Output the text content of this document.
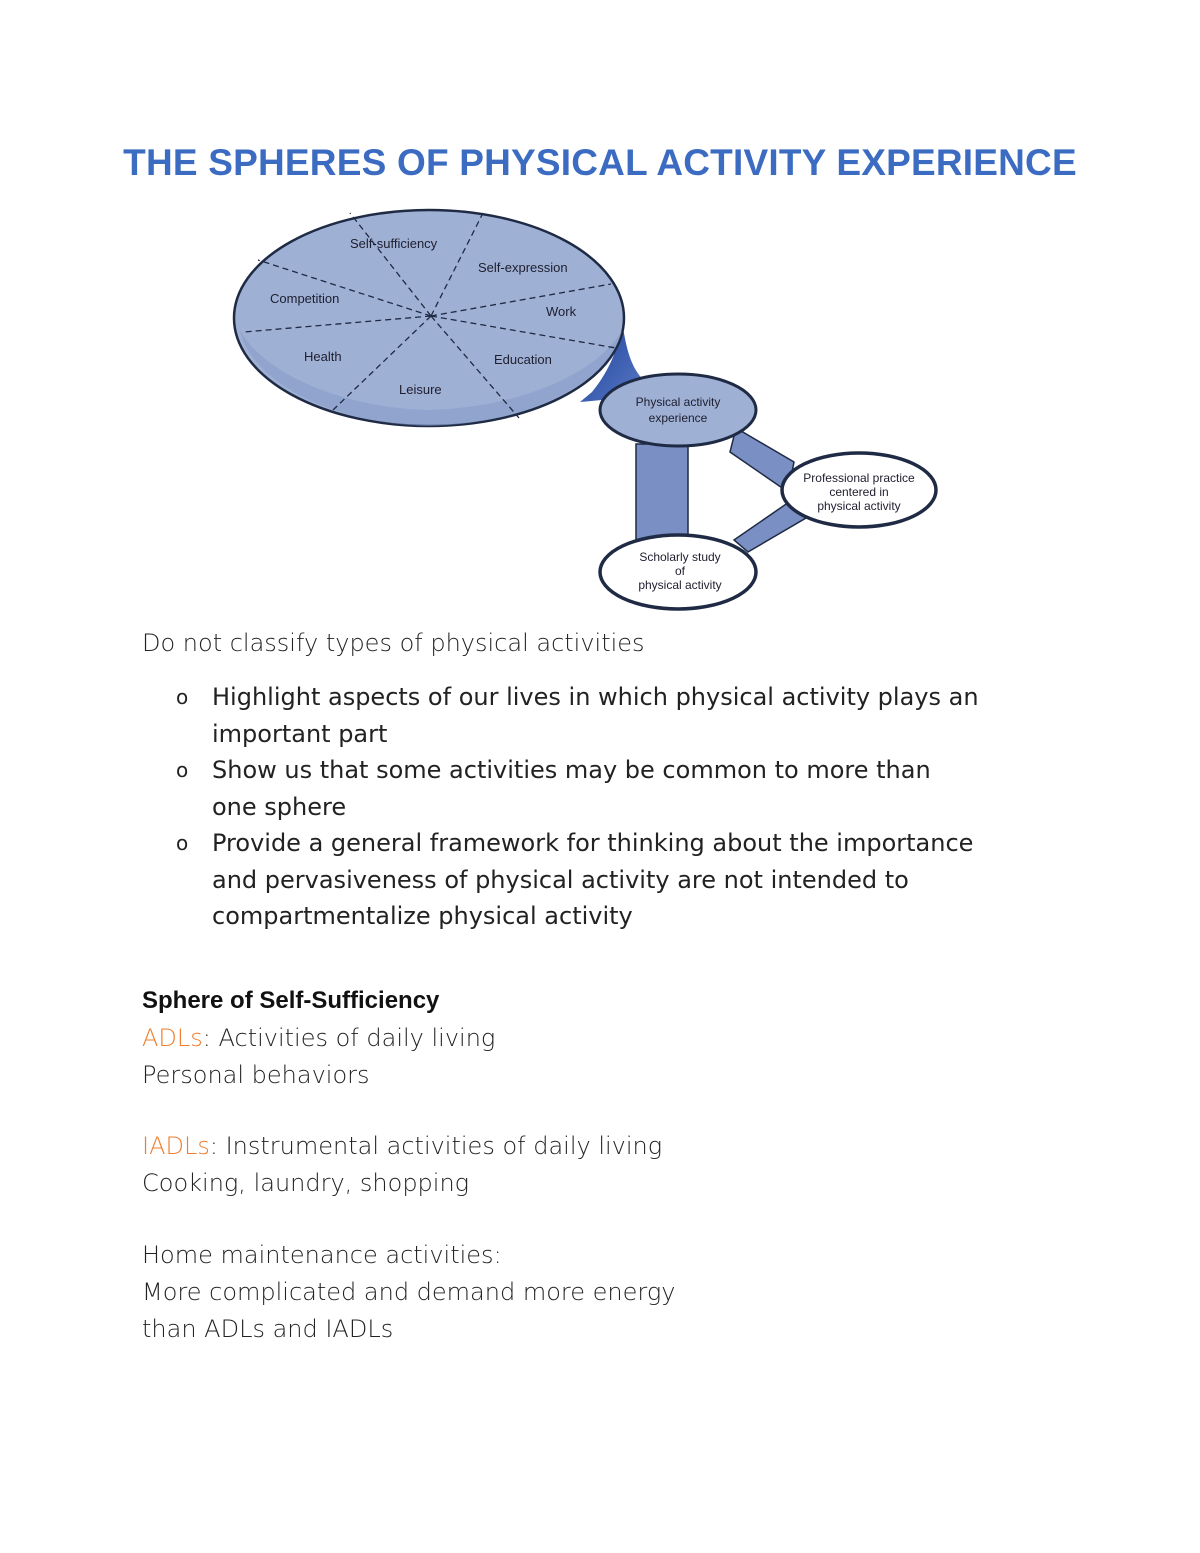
THE SPHERES OF PHYSICAL ACTIVITY EXPERIENCE
Self-sufficiency
Self-expression
Work
Education
Leisure
Health
Competition
Physical activity
experience
Professional practice
centered in
physical activity
Scholarly study
of
physical activity

Do not classify types of physical activities

o Highlight aspects of our lives in which physical activity plays an
important part
o Show us that some activities may be common to more than
one sphere
o Provide a general framework for thinking about the importance
and pervasiveness of physical activity are not intended to
compartmentalize physical activity

Sphere of Self-Sufficiency

ADLs: Activities of daily living

Personal behaviors

IADLs: Instrumental activities of daily living

Cooking, laundry, shopping

Home maintenance activities:

More complicated and demand more energy

than ADLs and IADLs
